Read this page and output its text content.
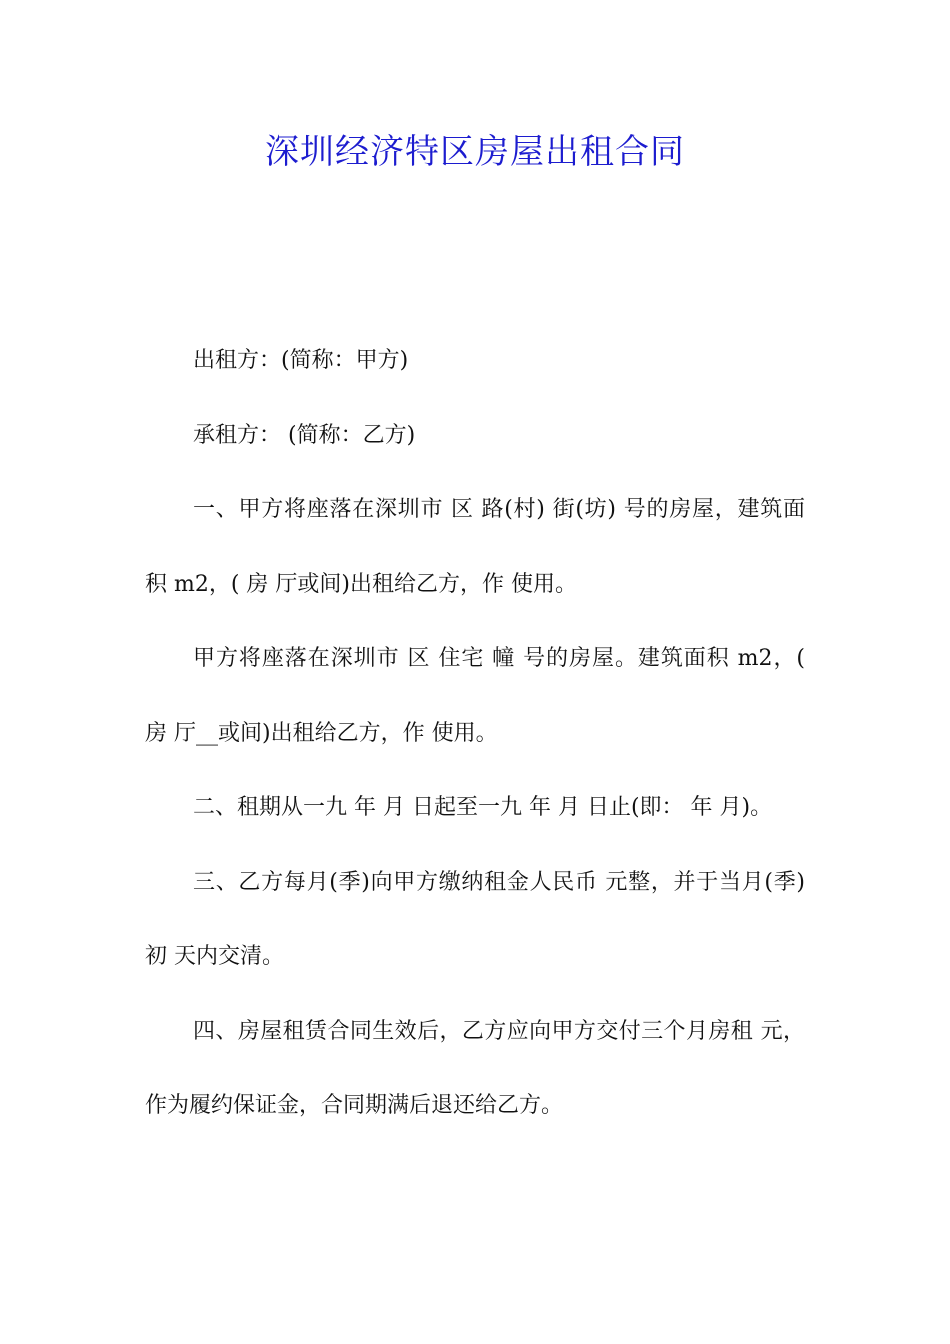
深圳经济特区房屋出租合同

出租方：(简称：甲方)

承租方： (简称：乙方)

一、甲方将座落在深圳市 区 路(村) 街(坊) 号的房屋，建筑面积 m2，( 房 厅或间)出租给乙方，作 使用。

甲方将座落在深圳市 区 住宅 幢 号的房屋。建筑面积 m2，( 房 厅__或间)出租给乙方，作 使用。

二、租期从一九 年 月 日起至一九 年 月 日止(即： 年 月)。

三、乙方每月(季)向甲方缴纳租金人民币 元整，并于当月(季)初 天内交清。

四、房屋租赁合同生效后，乙方应向甲方交付三个月房租 元，作为履约保证金，合同期满后退还给乙方。
